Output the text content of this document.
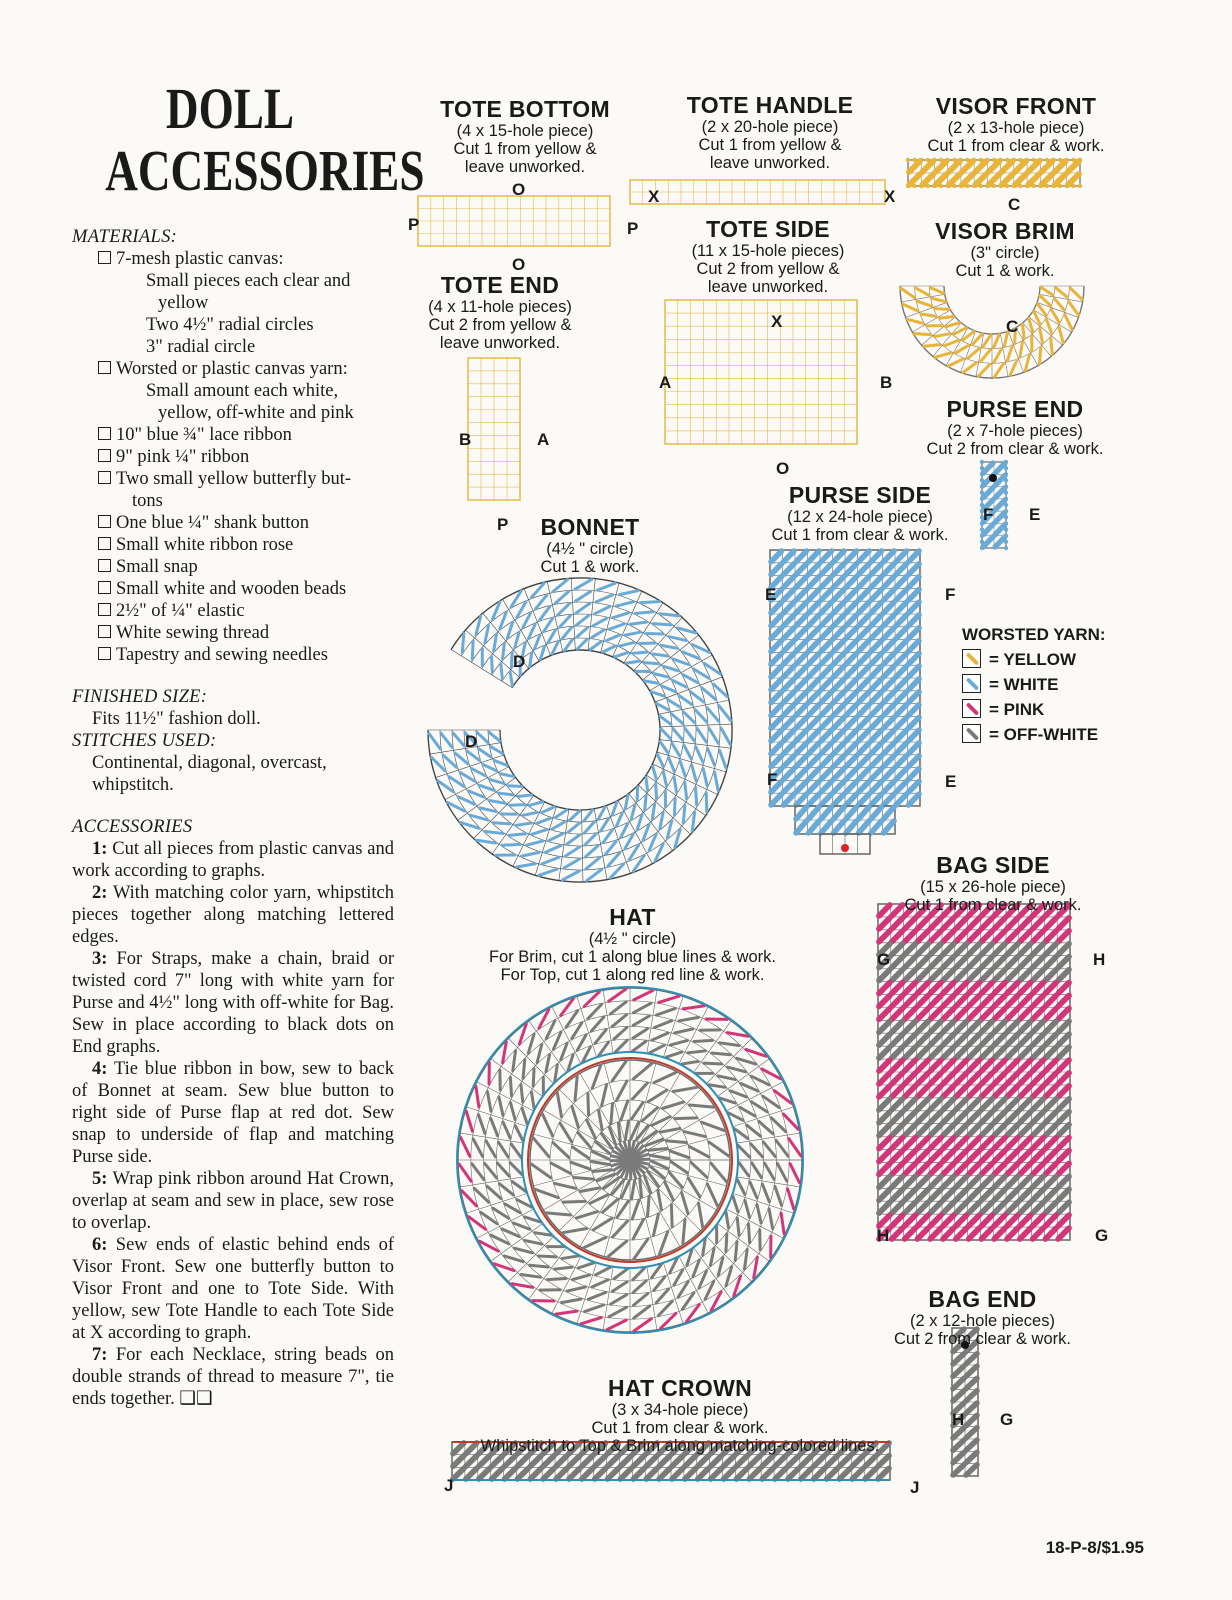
DOLL
ACCESSORIES
MATERIALS:
7-mesh plastic canvas:
Small pieces each clear and
yellow
Two 4½" radial circles
3" radial circle
Worsted or plastic canvas yarn:
Small amount each white,
yellow, off-white and pink
10" blue ¾" lace ribbon
9" pink ¼" ribbon
Two small yellow butterfly but-
tons
One blue ¼" shank button
Small white ribbon rose
Small snap
Small white and wooden beads
2½" of ¼" elastic
White sewing thread
Tapestry and sewing needles
FINISHED SIZE:
Fits 11½" fashion doll.
STITCHES USED:
Continental, diagonal, overcast,
whipstitch.
ACCESSORIES
1: Cut all pieces from plastic canvas and work according to graphs.
2: With matching color yarn, whipstitch pieces together along matching lettered edges.
3: For Straps, make a chain, braid or twisted cord 7" long with white yarn for Purse and 4½" long with off-white for Bag. Sew in place according to black dots on End graphs.
4: Tie blue ribbon in bow, sew to back of Bonnet at seam. Sew blue button to right side of Purse flap at red dot. Sew snap to underside of flap and matching Purse side.
5: Wrap pink ribbon around Hat Crown, overlap at seam and sew in place, sew rose to overlap.
6: Sew ends of elastic behind ends of Visor Front. Sew one butterfly button to Visor Front and one to Tote Side. With yellow, sew Tote Handle to each Tote Side at X according to graph.
7: For each Necklace, string beads on double strands of thread to measure 7", tie ends together. ❑❑
TOTE BOTTOM
(4 x 15-hole piece)
Cut 1 from yellow &
leave unworked.
TOTE HANDLE
(2 x 20-hole piece)
Cut 1 from yellow &
leave unworked.
VISOR FRONT
(2 x 13-hole piece)
Cut 1 from clear & work.
TOTE END
(4 x 11-hole pieces)
Cut 2 from yellow &
leave unworked.
TOTE SIDE
(11 x 15-hole pieces)
Cut 2 from yellow &
leave unworked.
VISOR BRIM
(3" circle)
Cut 1 & work.
PURSE END
(2 x 7-hole pieces)
Cut 2 from clear & work.
PURSE SIDE
(12 x 24-hole piece)
Cut 1 from clear & work.
BONNET
(4½ " circle)
Cut 1 & work.
HAT
(4½ " circle)
For Brim, cut 1 along blue lines & work.
For Top, cut 1 along red line & work.
BAG SIDE
(15 x 26-hole piece)
Cut 1 from clear & work.
BAG END
(2 x 12-hole pieces)
Cut 2 from clear & work.
HAT CROWN
(3 x 34-hole piece)
Cut 1 from clear & work.
Whipstitch to Top & Brim along matching-colored lines.
O
O
P	P
X	X	C
C
X
A	B
O
B	A
P
F E
E	F
F	E
D
D
G	H
H	G
H G
J	J
WORSTED YARN:
= YELLOW
= WHITE
= PINK
= OFF-WHITE
18-P-8/$1.95
